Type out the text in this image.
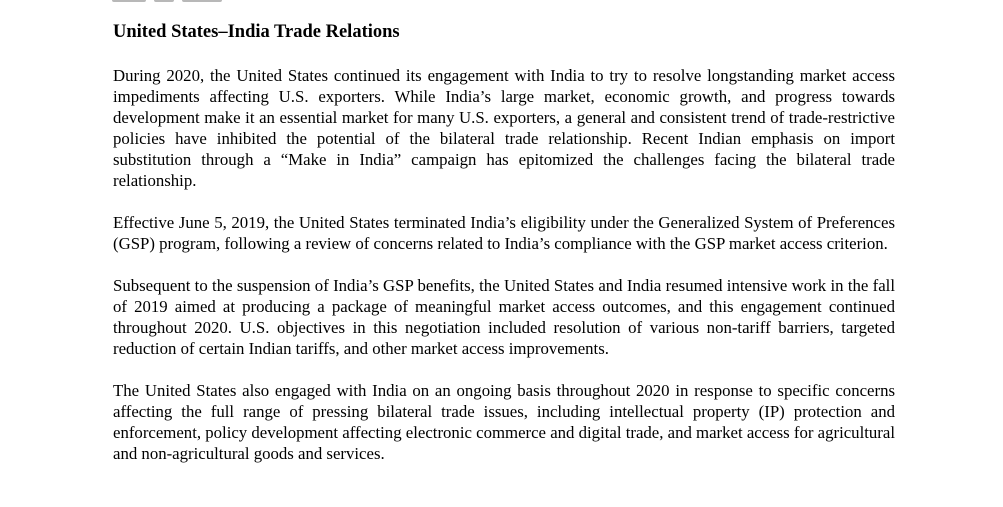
United States–India Trade Relations

During 2020, the United States continued its engagement with India to try to resolve longstanding market access impediments affecting U.S. exporters. While India’s large market, economic growth, and progress towards development make it an essential market for many U.S. exporters, a general and consistent trend of trade-restrictive policies have inhibited the potential of the bilateral trade relationship. Recent Indian emphasis on import substitution through a “Make in India” campaign has epitomized the challenges facing the bilateral trade relationship.

Effective June 5, 2019, the United States terminated India’s eligibility under the Generalized System of Preferences (GSP) program, following a review of concerns related to India’s compliance with the GSP market access criterion.

Subsequent to the suspension of India’s GSP benefits, the United States and India resumed intensive work in the fall of 2019 aimed at producing a package of meaningful market access outcomes, and this engagement continued throughout 2020. U.S. objectives in this negotiation included resolution of various non-tariff barriers, targeted reduction of certain Indian tariffs, and other market access improvements.

The United States also engaged with India on an ongoing basis throughout 2020 in response to specific concerns affecting the full range of pressing bilateral trade issues, including intellectual property (IP) protection and enforcement, policy development affecting electronic commerce and digital trade, and market access for agricultural and non-agricultural goods and services.
